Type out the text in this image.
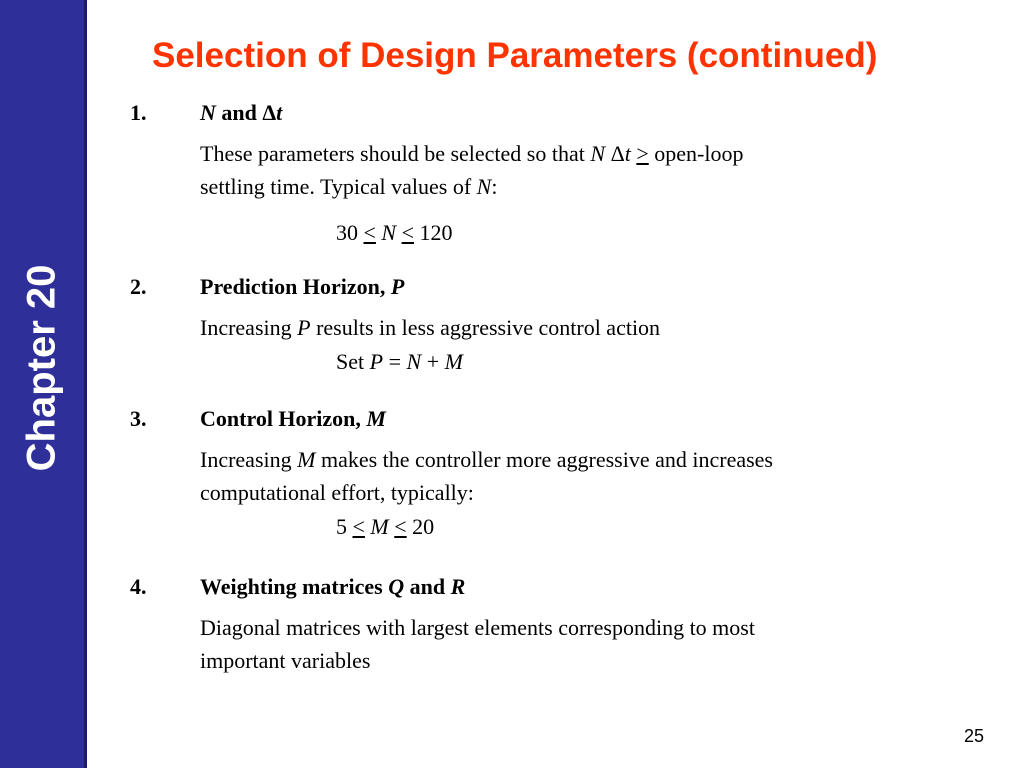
Chapter 20
Selection of Design Parameters (continued)
1. N and Δt
These parameters should be selected so that N Δt > open-loop
settling time. Typical values of N:
30 ≤ N ≤ 120
2. Prediction Horizon, P
Increasing P results in less aggressive control action
Set P = N + M
3. Control Horizon, M
Increasing M makes the controller more aggressive and increases
computational effort, typically:
5 ≤ M ≤ 20
4. Weighting matrices Q and R
Diagonal matrices with largest elements corresponding to most
important variables
25
